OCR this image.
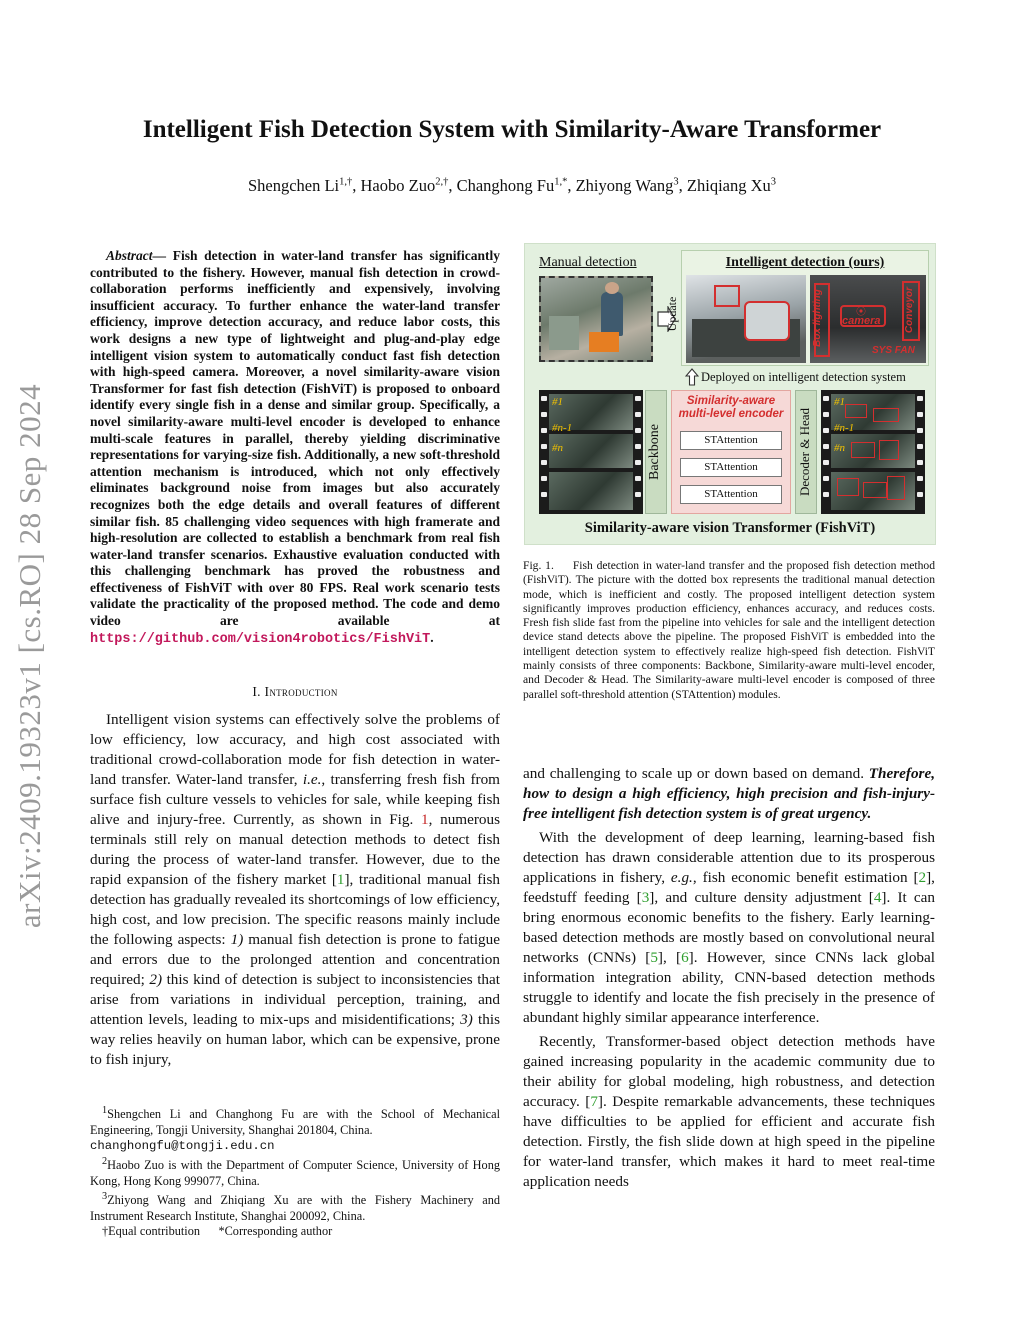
arXiv:2409.19323v1 [cs.RO] 28 Sep 2024
Intelligent Fish Detection System with Similarity-Aware Transformer
Shengchen $Li^{1,\dagger}$, Haobo Zuo$^{2,\dagger}$, Changhong $Fu^{1,*}$, Zhiyong Wang$^3$, Zhiqiang Xu$^3$
Abstract— Fish detection in water-land transfer has significantly contributed to the fishery. However, manual fish detection in crowd-collaboration performs inefficiently and expensively, involving insufficient accuracy. To further enhance the water-land transfer efficiency, improve detection accuracy, and reduce labor costs, this work designs a new type of lightweight and plug-and-play edge intelligent vision system to automatically conduct fast fish detection with high-speed camera. Moreover, a novel similarity-aware vision Transformer for fast fish detection (FishViT) is proposed to onboard identify every single fish in a dense and similar group. Specifically, a novel similarity-aware multi-level encoder is developed to enhance multi-scale features in parallel, thereby yielding discriminative representations for varying-size fish. Additionally, a new soft-threshold attention mechanism is introduced, which not only effectively eliminates background noise from images but also accurately recognizes both the edge details and overall features of different similar fish. 85 challenging video sequences with high framerate and high-resolution are collected to establish a benchmark from real fish water-land transfer scenarios. Exhaustive evaluation conducted with this challenging benchmark has proved the robustness and effectiveness of FishViT with over 80 FPS. Real work scenario tests validate the practicality of the proposed method. The code and demo video are available at https://github.com/vision4robotics/FishViT.
I. Introduction

Intelligent vision systems can effectively solve the problems of low efficiency, low accuracy, and high cost associated with traditional crowd-collaboration mode for fish detection in water-land transfer. Water-land transfer, i.e., transferring fresh fish from surface fish culture vessels to vehicles for sale, while keeping fish alive and injury-free. Currently, as shown in Fig. 1, numerous terminals still rely on manual detection methods to detect fish during the process of water-land transfer. However, due to the rapid expansion of the fishery market [1], traditional manual fish detection has gradually revealed its shortcomings of low efficiency, high cost, and low precision. The specific reasons mainly include the following aspects: 1) manual fish detection is prone to fatigue and errors due to the prolonged attention and concentration required; 2) this kind of detection is subject to inconsistencies that arise from variations in individual perception, training, and attention levels, leading to mix-ups and misidentifications; 3) this way relies heavily on human labor, which can be expensive, prone to fish injury,

$^1$Shengchen Li and Changhong Fu are with the School of Mechanical Engineering, Tongji University, Shanghai 201804, China.
changhongfu@tongji.edu.cn

$^2$Haobo Zuo is with the Department of Computer Science, University of Hong Kong, Hong Kong 999077, China.

$^3$Zhiyong Wang and Zhiqiang Xu are with the Fishery Machinery and Instrument Research Institute, Shanghai 200092, China.

†Equal contribution      *Corresponding author

Manual detection
Update
Intelligent detection (ours)
Box lighting	⦿
camera Conveyor
SYS FAN
Deployed on intelligent detection system
#1
#n-1
#n	Backbone
Similarity-aware
multi-level encoder
STAttention
STAttention
STAttention	Decoder & Head
#1
#n-1
#n
Similarity-aware vision Transformer (FishViT)
Fig. 1. Fish detection in water-land transfer and the proposed fish detection method (FishViT). The picture with the dotted box represents the traditional manual detection mode, which is inefficient and costly. The proposed intelligent detection system significantly improves production efficiency, enhances accuracy, and reduces costs. Fresh fish slide fast from the pipeline into vehicles for sale and the intelligent detection device stand detects above the pipeline. The proposed FishViT is embedded into the intelligent detection system to effectively realize high-speed fish detection. FishViT mainly consists of three components: Backbone, Similarity-aware multi-level encoder, and Decoder & Head. The Similarity-aware multi-level encoder is composed of three parallel soft-threshold attention (STAttention) modules.

and challenging to scale up or down based on demand. Therefore, how to design a high efficiency, high precision and fish-injury-free intelligent fish detection system is of great urgency.

With the development of deep learning, learning-based fish detection has drawn considerable attention due to its prosperous applications in fishery, e.g., fish economic benefit estimation [2], feedstuff feeding [3], and culture density adjustment [4]. It can bring enormous economic benefits to the fishery. Early learning-based detection methods are mostly based on convolutional neural networks (CNNs) [5], [6]. However, since CNNs lack global information integration ability, CNN-based detection methods struggle to identify and locate the fish precisely in the presence of abundant highly similar appearance interference.

Recently, Transformer-based object detection methods have gained increasing popularity in the academic community due to their ability for global modeling, high robustness, and detection accuracy. [7]. Despite remarkable advancements, these techniques have difficulties to be applied for efficient and accurate fish detection. Firstly, the fish slide down at high speed in the pipeline for water-land transfer, which makes it hard to meet real-time application needs
